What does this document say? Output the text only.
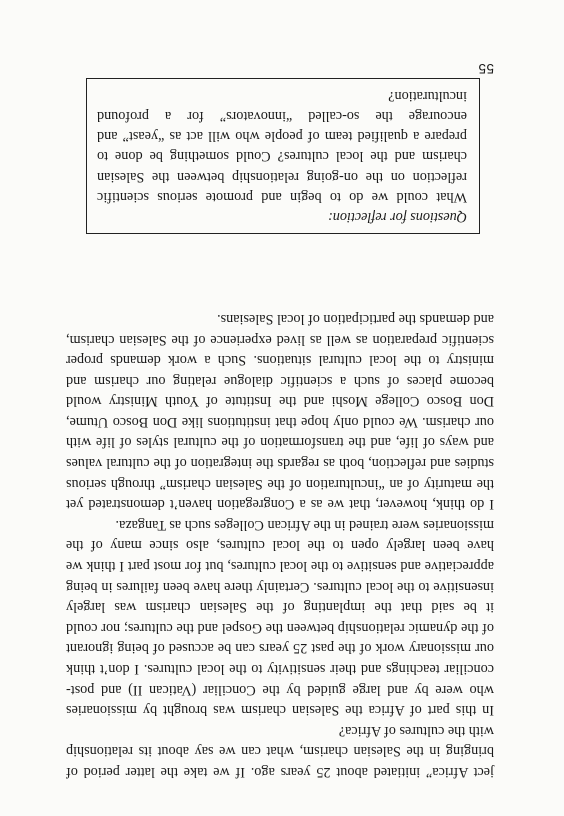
ject Africa” initiated about 25 years ago. If we take the latter period of bringing in the Salesian charism, what can we say about its relationship with the cultures of Africa?

In this part of Africa the Salesian charism was brought by missionaries who were by and large guided by the Conciliar (Vatican II) and post-conciliar teachings and their sensitivity to the local cultures. I don’t think our missionary work of the past 25 years can be accused of being ignorant of the dynamic relationship between the Gospel and the cultures; nor could it be said that the implanting of the Salesian charism was largely insensitive to the local cultures. Certainly there have been failures in being appreciative and sensitive to the local cultures, but for most part I think we have been largely open to the local cultures, also since many of the missionaries were trained in the African Colleges such as Tangaza.

I do think, however, that we as a Congregation haven’t demonstrated yet the maturity of an “inculturation of the Salesian charism” through serious studies and reflection, both as regards the integration of the cultural values and ways of life, and the transformation of the cultural styles of life with our charism. We could only hope that institutions like Don Bosco Utume, Don Bosco College Moshi and the Institute of Youth Ministry would become places of such a scientific dialogue relating our charism and ministry to the local cultural situations. Such a work demands proper scientific preparation as well as lived experience of the Salesian charism, and demands the participation of local Salesians.

Questions for reflection:
What could we do to begin and promote serious scientific reflection on the on-going relationship between the Salesian charism and the local cultures? Could something be done to prepare a qualified team of people who will act as “yeast” and encourage the so-called “innovators” for a profound inculturation?
55
